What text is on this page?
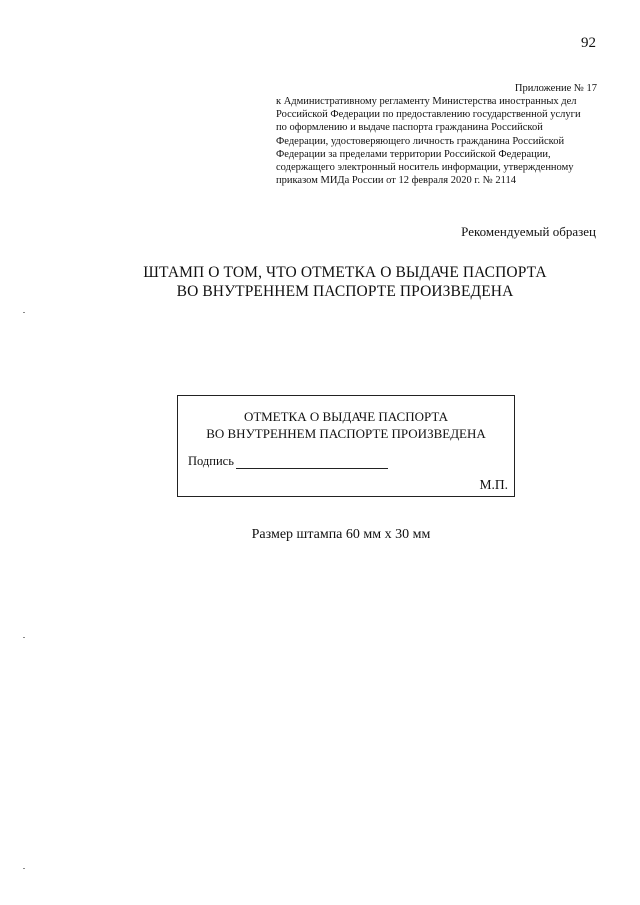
92
Приложение № 17
к Административному регламенту Министерства иностранных дел
Российской Федерации по предоставлению государственной услуги
по оформлению и выдаче паспорта гражданина Российской
Федерации, удостоверяющего личность гражданина Российской
Федерации за пределами территории Российской Федерации,
содержащего электронный носитель информации, утвержденному
приказом МИДа России от 12 февраля 2020 г. № 2114
Рекомендуемый образец
ШТАМП О ТОМ, ЧТО ОТМЕТКА О ВЫДАЧЕ ПАСПОРТА
ВО ВНУТРЕННЕМ ПАСПОРТЕ ПРОИЗВЕДЕНА
ОТМЕТКА О ВЫДАЧЕ ПАСПОРТА
ВО ВНУТРЕННЕМ ПАСПОРТЕ ПРОИЗВЕДЕНА
Подпись
М.П.
Размер штампа 60 мм х 30 мм
